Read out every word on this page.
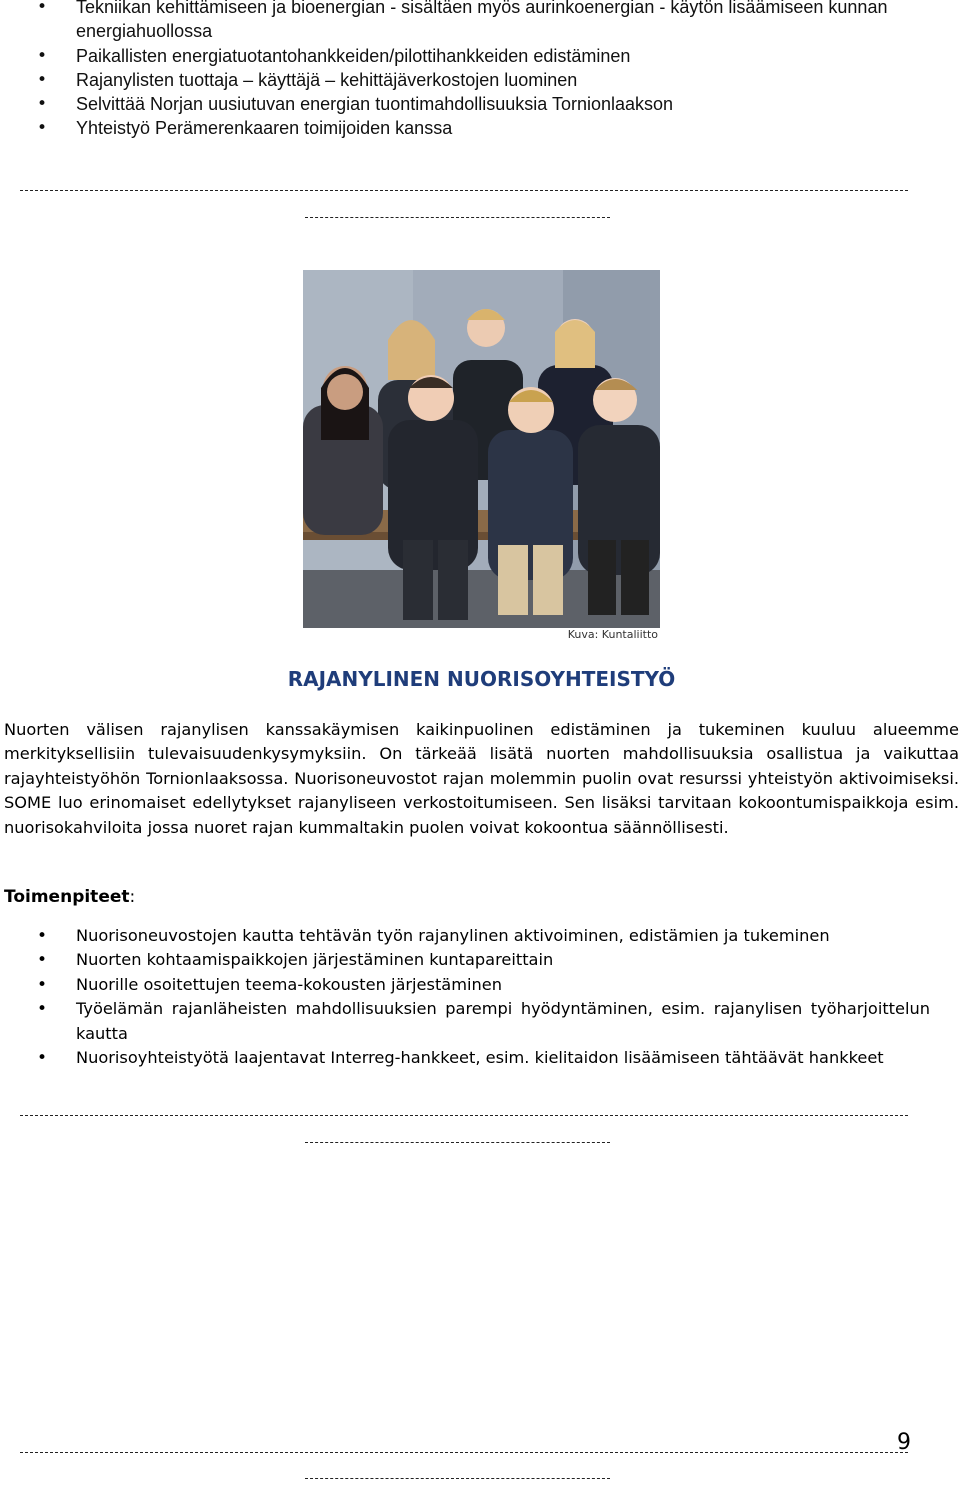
• Tekniikan kehittämiseen ja bioenergian - sisältäen myös aurinkoenergian - käytön lisäämiseen kunnan energiahuollossa
• Paikallisten energiatuotantohankkeiden/pilottihankkeiden edistäminen
• Rajanylisten tuottaja – käyttäjä – kehittäjäverkostojen luominen
• Selvittää Norjan uusiutuvan energian tuontimahdollisuuksia Tornionlaakson
• Yhteistyö Perämerenkaaren toimijoiden kanssa
Kuva: Kuntaliitto
RAJANYLINEN NUORISOYHTEISTYÖ

Nuorten välisen rajanylisen kanssakäymisen kaikinpuolinen edistäminen ja tukeminen kuuluu alueemme merkityksellisiin tulevaisuudenkysymyksiin. On tärkeää lisätä nuorten mahdollisuuksia osallistua ja vaikuttaa rajayhteistyöhön Tornionlaaksossa. Nuorisoneuvostot rajan molemmin puolin ovat resurssi yhteistyön aktivoimiseksi. SOME luo erinomaiset edellytykset rajanyliseen verkostoitumiseen. Sen lisäksi tarvitaan kokoontumispaikkoja esim. nuorisokahviloita jossa nuoret rajan kummaltakin puolen voivat kokoontua säännöllisesti.

Toimenpiteet:
• Nuorisoneuvostojen kautta tehtävän työn rajanylinen aktivoiminen, edistämien ja tukeminen
• Nuorten kohtaamispaikkojen järjestäminen kuntapareittain
• Nuorille osoitettujen teema-kokousten järjestäminen
• Työelämän rajanläheisten mahdollisuuksien parempi hyödyntäminen, esim. rajanylisen työharjoittelun kautta
• Nuorisoyhteistyötä laajentavat Interreg-hankkeet, esim. kielitaidon lisäämiseen tähtäävät hankkeet
9
